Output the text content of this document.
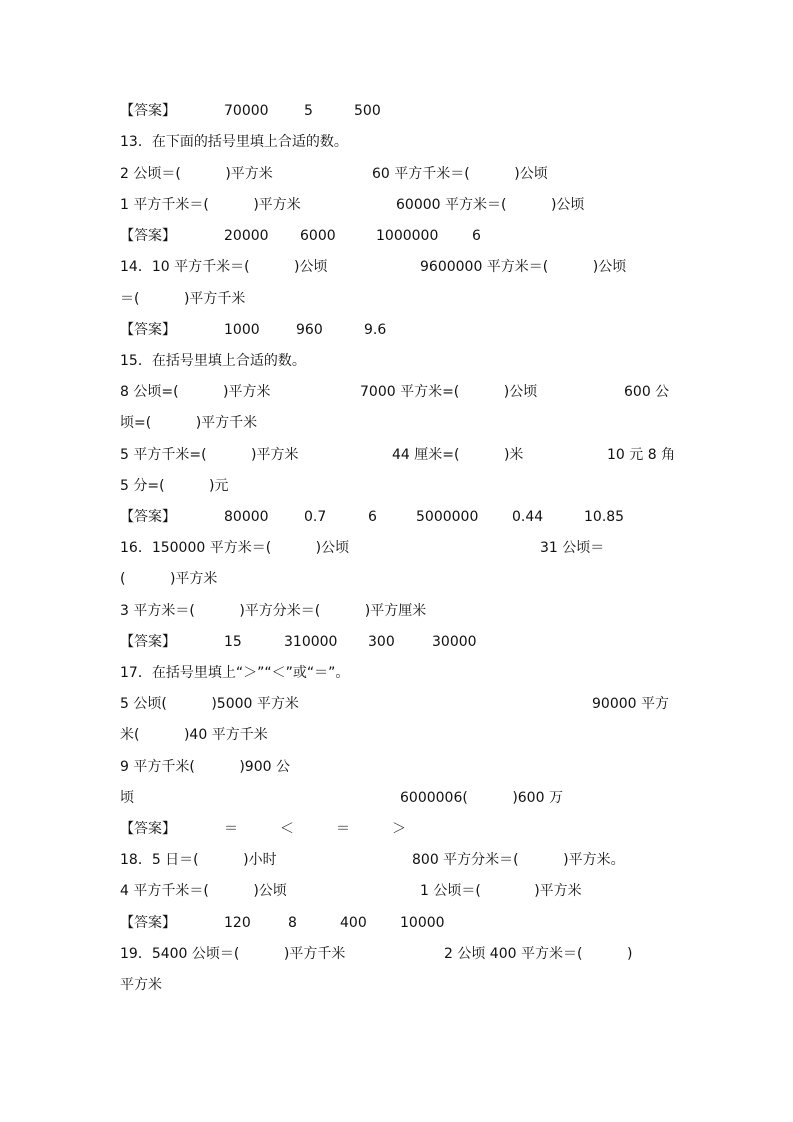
【答案】

	70000

	5

	500

13．在下面的括号里填上合适的数。

2 公顷＝(          )平方米

	60 平方千米＝(          )公顷

1 平方千米＝(          )平方米

	60000 平方米＝(          )公顷

【答案】

	20000

6000

	1000000

6

14．10 平方千米＝(          )公顷

	9600000 平方米＝(          )公顷

＝(          )平方千米

【答案】

	1000

	960

	9.6

15．在括号里填上合适的数。

8 公顷=(          )平方米

	7000 平方米=(          )公顷

	600 公

顷=(          )平方千米

5 平方千米=(          )平方米

	44 厘米=(          )米

	10 元 8 角

5 分=(          )元

【答案】

	80000

	0.7

	6

	5000000

0.44

	10.85

16．150000 平方米＝(          )公顷

	31 公顷＝

(          )平方米

3 平方米＝(          )平方分米＝(          )平方厘米

【答案】

	15

	310000

300

	30000

17．在括号里填上“＞”“＜”或“＝”。

5 公顷(          )5000 平方米

	90000 平方

米(          )40 平方千米

9 平方千米(          )900 公

顷

	6000006(          )600 万

【答案】

	＝

	＜

	＝

	＞

18．5 日＝(          )小时

	800 平方分米＝(          )平方米。

4 平方千米＝(          )公顷

	1 公顷＝(            )平方米

【答案】

	120

	8

	400

10000

19．5400 公顷＝(          )平方千米

	2 公顷 400 平方米＝(          )

平方米
